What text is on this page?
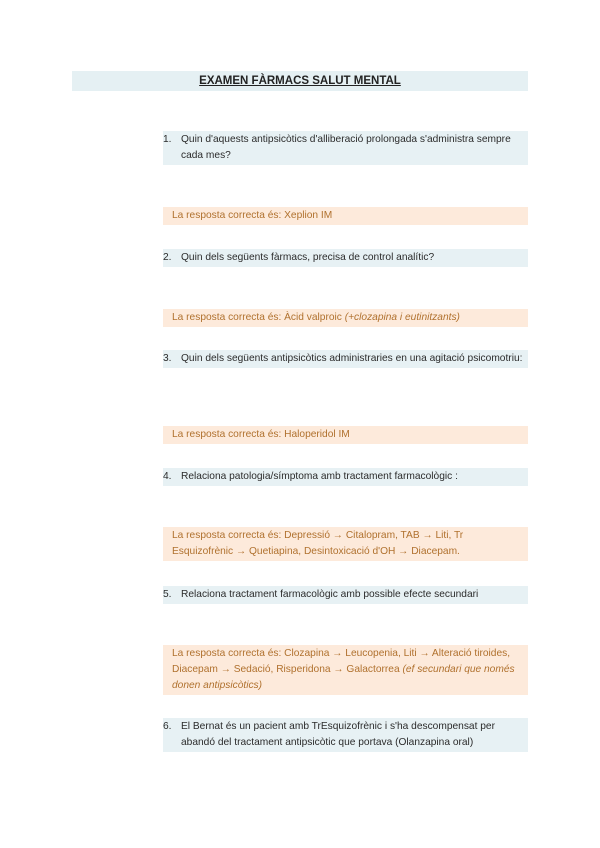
EXAMEN FÀRMACS SALUT MENTAL
1. Quin d'aquests antipsicòtics d'alliberació prolongada s'administra sempre cada mes?
La resposta correcta és: Xeplion IM
2. Quin dels següents fàrmacs, precisa de control analític?
La resposta correcta és: Àcid valproic (+clozapina i eutinitzants)
3. Quin dels següents antipsicòtics administraries en una agitació psicomotriu:
La resposta correcta és: Haloperidol IM
4. Relaciona patologia/símptoma amb tractament farmacològic :
La resposta correcta és: Depressió → Citalopram, TAB → Liti, Tr Esquizofrènic → Quetiapina, Desintoxicació d'OH → Diacepam.
5. Relaciona tractament farmacològic amb possible efecte secundari
La resposta correcta és: Clozapina → Leucopenia, Liti → Alteració tiroides, Diacepam → Sedació, Risperidona → Galactorrea (ef secundari que només donen antipsicòtics)
6. El Bernat és un pacient amb TrEsquizofrènic i s'ha descompensat per abandó del tractament antipsicòtic que portava (Olanzapina oral)
